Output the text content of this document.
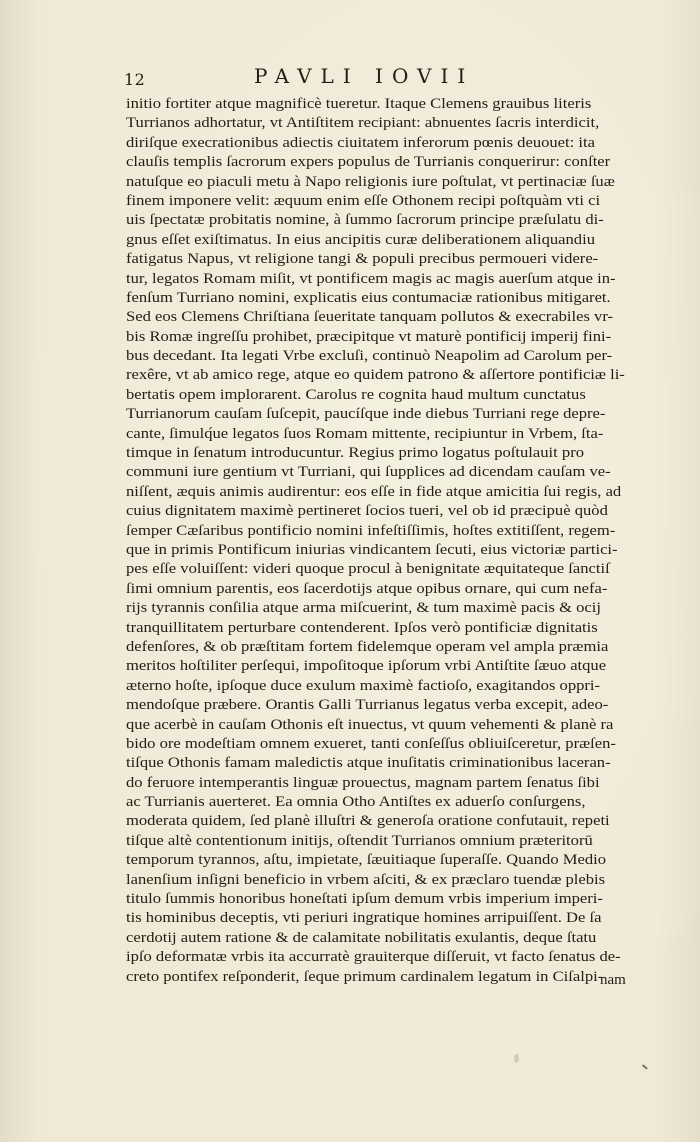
12	PAVLI IOVII
initio fortiter atque magnificè tueretur. Itaque Clemens grauibus literis
Turrianos adhortatur, vt Antiſtitem recipiant: abnuentes ſacris interdicit,
diriſque execrationibus adiectis ciuitatem inferorum pœnis deuouet: ita
clauſis templis ſacrorum expers populus de Turrianis conquerirur: conſter
natuſque eo piaculi metu à Napo religionis iure poſtulat, vt pertinaciæ ſuæ
finem imponere velit: æquum enim eſſe Othonem recipi poſtquàm vti ci
uis ſpectatæ probitatis nomine, à ſummo ſacrorum principe præſulatu di-
gnus eſſet exiſtimatus. In eius ancipitis curæ deliberationem aliquandiu
fatigatus Napus, vt religione tangi & populi precibus permoueri videre-
tur, legatos Romam miſit, vt pontificem magis ac magis auerſum atque in-
fenſum Turriano nomini, explicatis eius contumaciæ rationibus mitigaret.
Sed eos Clemens Chriſtiana ſeueritate tanquam pollutos & execrabiles vr-
bis Romæ ingreſſu prohibet, præcipitque vt maturè pontificij imperij fini-
bus decedant. Ita legati Vrbe excluſi, continuò Neapolim ad Carolum per-
rexêre, vt ab amico rege, atque eo quidem patrono & aſſertore pontificiæ li-
bertatis opem implorarent. Carolus re cognita haud multum cunctatus
Turrianorum cauſam ſuſcepit, paucíſque inde diebus Turriani rege depre-
cante, ſimulq́ue legatos ſuos Romam mittente, recipiuntur in Vrbem, ſta-
timque in ſenatum introducuntur. Regius primo logatus poſtulauit pro
communi iure gentium vt Turriani, qui ſupplices ad dicendam cauſam ve-
niſſent, æquis animis audirentur: eos eſſe in fide atque amicitia ſui regis, ad
cuius dignitatem maximè pertineret ſocios tueri, vel ob id præcipuè quòd
ſemper Cæſaribus pontificio nomini infeſtiſſimis, hoſtes extitiſſent, regem-
que in primis Pontificum iniurias vindicantem ſecuti, eius victoriæ partici-
pes eſſe voluiſſent: videri quoque procul à benignitate æquitateque ſanctiſ
ſimi omnium parentis, eos ſacerdotijs atque opibus ornare, qui cum nefa-
rijs tyrannis conſilia atque arma miſcuerint, & tum maximè pacis & ocij
tranquillitatem perturbare contenderent. Ipſos verò pontificiæ dignitatis
defenſores, & ob præſtitam fortem fidelemque operam vel ampla præmia
meritos hoſtiliter perſequi, impoſitoque ipſorum vrbi Antiſtite ſæuo atque
æterno hoſte, ipſoque duce exulum maximè factioſo, exagitandos oppri-
mendoſque præbere. Orantis Galli Turrianus legatus verba excepit, adeo-
que acerbè in cauſam Othonis eſt inuectus, vt quum vehementi & planè ra
bido ore modeſtiam omnem exueret, tanti conſeſſus obliuiſceretur, præſen-
tiſque Othonis famam maledictis atque inuſitatis criminationibus laceran-
do feruore intemperantis linguæ prouectus, magnam partem ſenatus ſibi
ac Turrianis auerteret. Ea omnia Otho Antiſtes ex aduerſo conſurgens,
moderata quidem, ſed planè illuſtri & generoſa oratione confutauit, repeti
tiſque altè contentionum initijs, oſtendit Turrianos omnium præteritorū
temporum tyrannos, aſtu, impietate, ſæuitiaque ſuperaſſe. Quando Medio
lanenſium inſigni beneficio in vrbem aſciti, & ex præclaro tuendæ plebis
titulo ſummis honoribus honeſtati ipſum demum vrbis imperium imperi-
tis hominibus deceptis, vti periuri ingratique homines arripuiſſent. De ſa
cerdotij autem ratione & de calamitate nobilitatis exulantis, deque ſtatu
ipſo deformatæ vrbis ita accurratè grauiterque diſſeruit, vt facto ſenatus de-
creto pontifex reſponderit, ſeque primum cardinalem legatum in Ciſalpi-
nam
